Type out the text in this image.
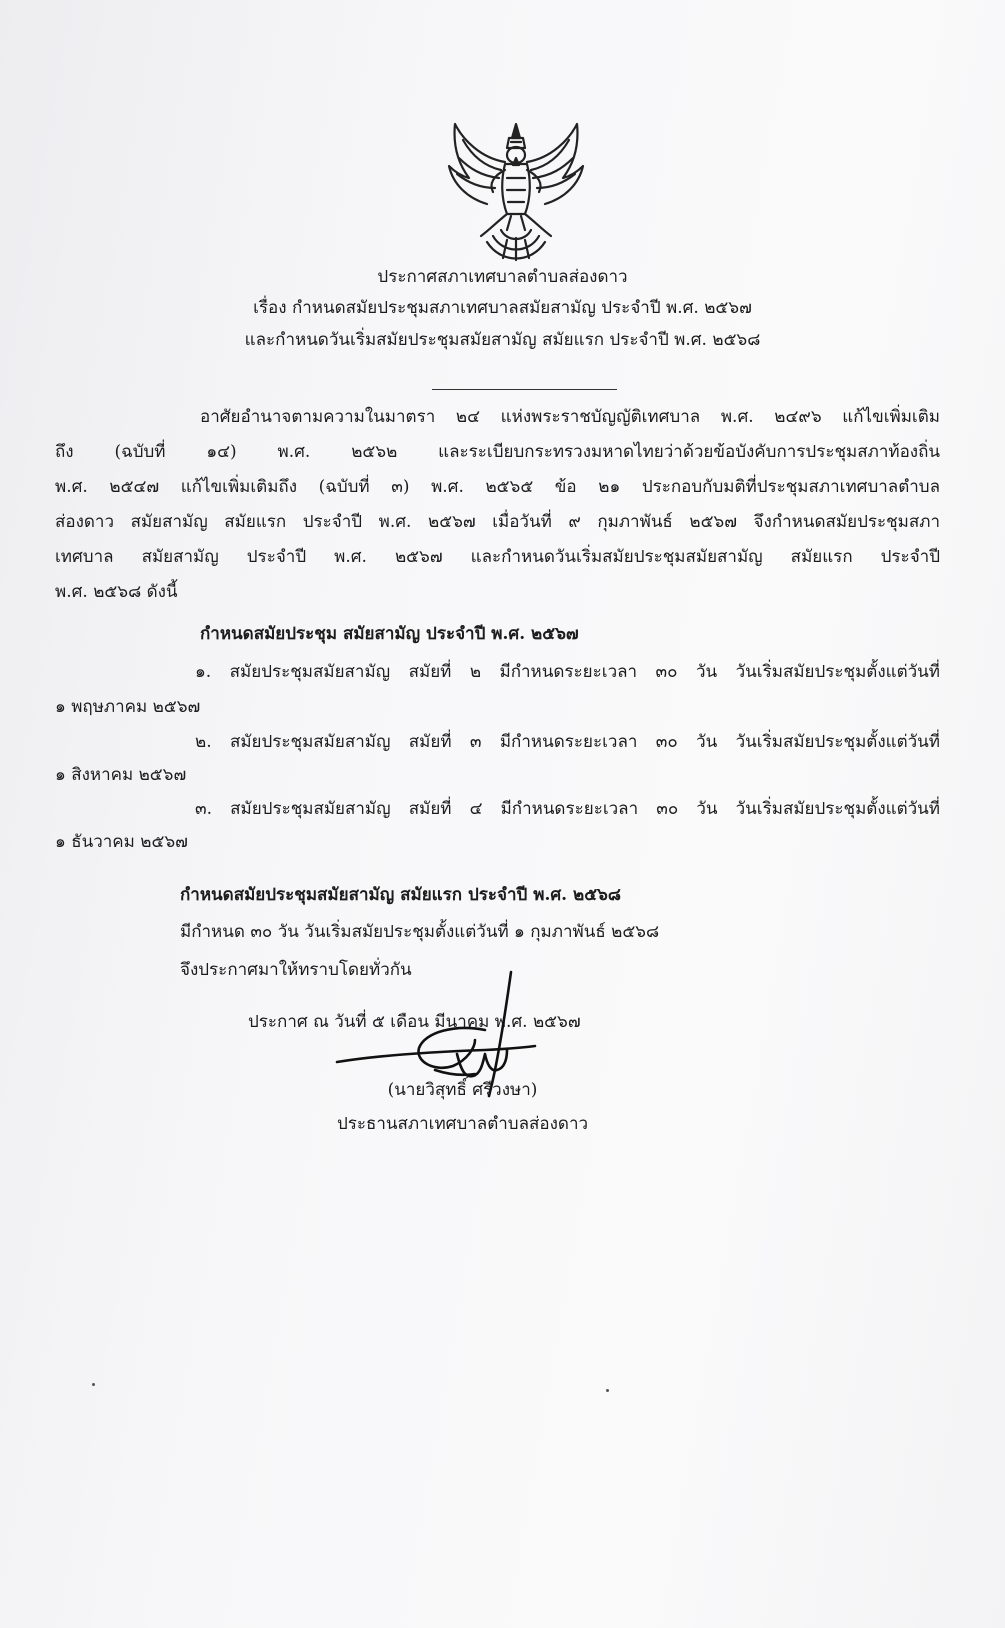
ประกาศสภาเทศบาลตำบลส่องดาว
เรื่อง กำหนดสมัยประชุมสภาเทศบาลสมัยสามัญ ประจำปี พ.ศ. ๒๕๖๗
และกำหนดวันเริ่มสมัยประชุมสมัยสามัญ สมัยแรก ประจำปี พ.ศ. ๒๕๖๘
อาศัยอำนาจตามความในมาตรา ๒๔ แห่งพระราชบัญญัติเทศบาล พ.ศ. ๒๔๙๖ แก้ไขเพิ่มเติม
ถึง (ฉบับที่ ๑๔) พ.ศ. ๒๕๖๒ และระเบียบกระทรวงมหาดไทยว่าด้วยข้อบังคับการประชุมสภาท้องถิ่น
พ.ศ. ๒๕๔๗ แก้ไขเพิ่มเติมถึง (ฉบับที่ ๓) พ.ศ. ๒๕๖๕ ข้อ ๒๑ ประกอบกับมติที่ประชุมสภาเทศบาลตำบล
ส่องดาว สมัยสามัญ สมัยแรก ประจำปี พ.ศ. ๒๕๖๗ เมื่อวันที่ ๙ กุมภาพันธ์ ๒๕๖๗ จึงกำหนดสมัยประชุมสภา
เทศบาล สมัยสามัญ ประจำปี พ.ศ. ๒๕๖๗ และกำหนดวันเริ่มสมัยประชุมสมัยสามัญ สมัยแรก ประจำปี
พ.ศ. ๒๕๖๘ ดังนี้
กำหนดสมัยประชุม สมัยสามัญ ประจำปี พ.ศ. ๒๕๖๗
๑. สมัยประชุมสมัยสามัญ สมัยที่ ๒ มีกำหนดระยะเวลา ๓๐ วัน วันเริ่มสมัยประชุมตั้งแต่วันที่
๑ พฤษภาคม ๒๕๖๗
๒. สมัยประชุมสมัยสามัญ สมัยที่ ๓ มีกำหนดระยะเวลา ๓๐ วัน วันเริ่มสมัยประชุมตั้งแต่วันที่
๑ สิงหาคม ๒๕๖๗
๓. สมัยประชุมสมัยสามัญ สมัยที่ ๔ มีกำหนดระยะเวลา ๓๐ วัน วันเริ่มสมัยประชุมตั้งแต่วันที่
๑ ธันวาคม ๒๕๖๗
กำหนดสมัยประชุมสมัยสามัญ สมัยแรก ประจำปี พ.ศ. ๒๕๖๘
มีกำหนด ๓๐ วัน วันเริ่มสมัยประชุมตั้งแต่วันที่ ๑ กุมภาพันธ์ ๒๕๖๘
จึงประกาศมาให้ทราบโดยทั่วกัน
ประกาศ ณ วันที่ ๕ เดือน มีนาคม พ.ศ. ๒๕๖๗
(นายวิสุทธิ์ ศรีวงษา)
ประธานสภาเทศบาลตำบลส่องดาว
